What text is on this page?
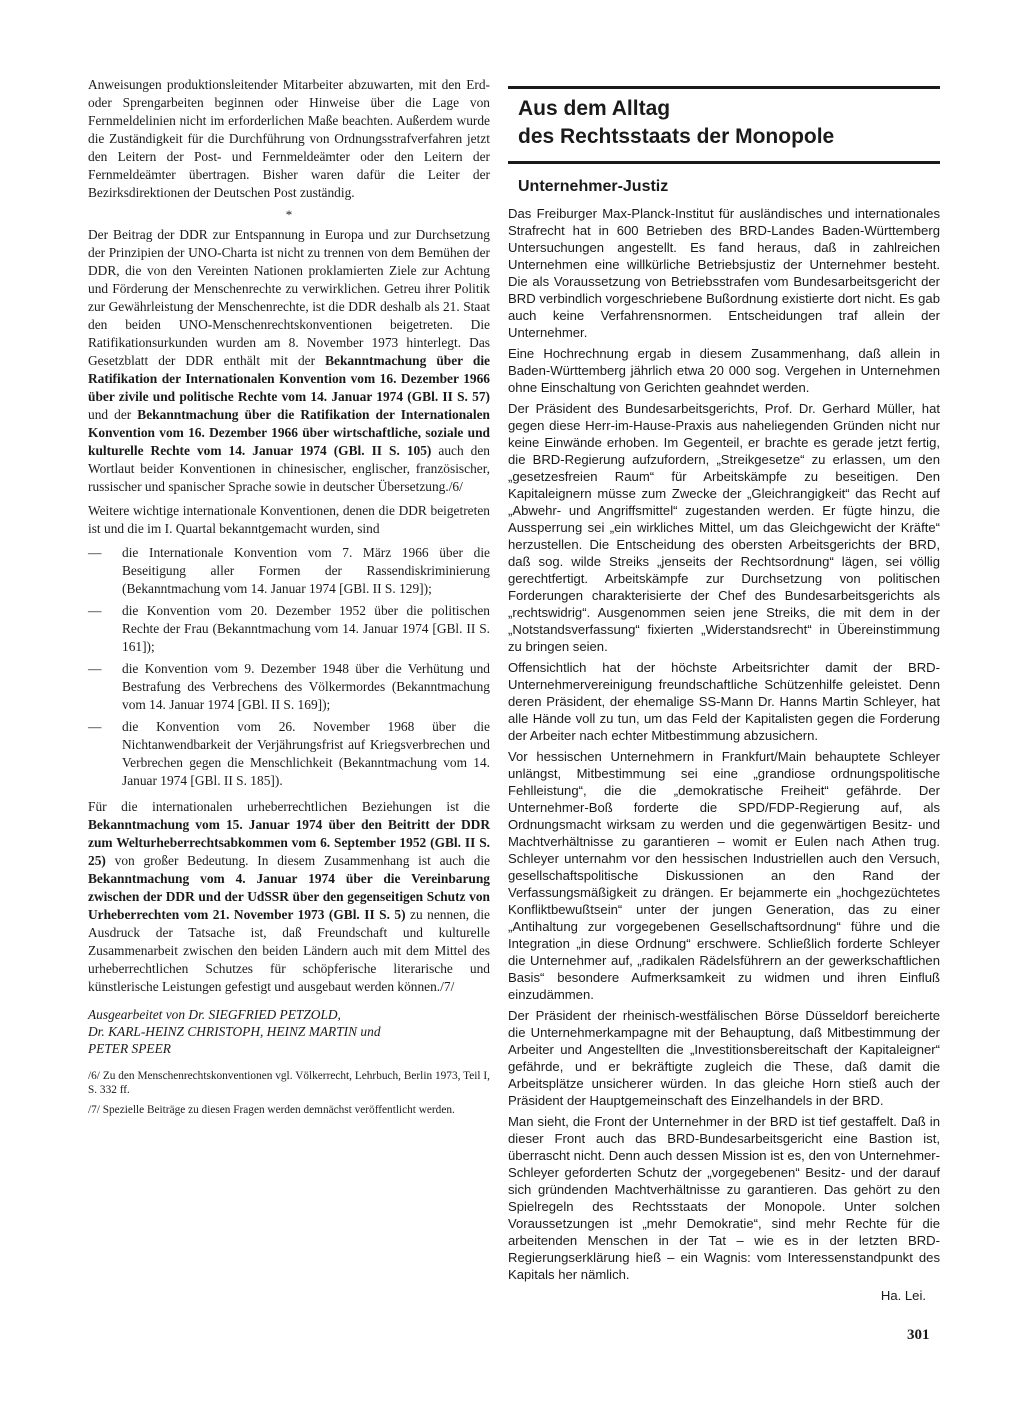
Anweisungen produktionsleitender Mitarbeiter abzuwarten, mit den Erd- oder Sprengarbeiten beginnen oder Hinweise über die Lage von Fernmeldelinien nicht im erforderlichen Maße beachten. Außerdem wurde die Zuständigkeit für die Durchführung von Ordnungsstrafverfahren jetzt den Leitern der Post- und Fernmeldeämter oder den Leitern der Fernmeldeämter übertragen. Bisher waren dafür die Leiter der Bezirksdirektionen der Deutschen Post zuständig.

*

Der Beitrag der DDR zur Entspannung in Europa und zur Durchsetzung der Prinzipien der UNO-Charta ist nicht zu trennen von dem Bemühen der DDR, die von den Vereinten Nationen proklamierten Ziele zur Achtung und Förderung der Menschenrechte zu verwirklichen. Getreu ihrer Politik zur Gewährleistung der Menschenrechte, ist die DDR deshalb als 21. Staat den beiden UNO-Menschenrechtskonventionen beigetreten. Die Ratifikationsurkunden wurden am 8. November 1973 hinterlegt. Das Gesetzblatt der DDR enthält mit der Bekanntmachung über die Ratifikation der Internationalen Konvention vom 16. Dezember 1966 über zivile und politische Rechte vom 14. Januar 1974 (GBl. II S. 57) und der Bekanntmachung über die Ratifikation der Internationalen Konvention vom 16. Dezember 1966 über wirtschaftliche, soziale und kulturelle Rechte vom 14. Januar 1974 (GBl. II S. 105) auch den Wortlaut beider Konventionen in chinesischer, englischer, französischer, russischer und spanischer Sprache sowie in deutscher Übersetzung./6/

Weitere wichtige internationale Konventionen, denen die DDR beigetreten ist und die im I. Quartal bekanntgemacht wurden, sind

— die Internationale Konvention vom 7. März 1966 über die Beseitigung aller Formen der Rassendiskriminierung (Bekanntmachung vom 14. Januar 1974 [GBl. II S. 129]);
— die Konvention vom 20. Dezember 1952 über die politischen Rechte der Frau (Bekanntmachung vom 14. Januar 1974 [GBl. II S. 161]);
— die Konvention vom 9. Dezember 1948 über die Verhütung und Bestrafung des Verbrechens des Völkermordes (Bekanntmachung vom 14. Januar 1974 [GBl. II S. 169]);
— die Konvention vom 26. November 1968 über die Nichtanwendbarkeit der Verjährungsfrist auf Kriegsverbrechen und Verbrechen gegen die Menschlichkeit (Bekanntmachung vom 14. Januar 1974 [GBl. II S. 185]).

Für die internationalen urheberrechtlichen Beziehungen ist die Bekanntmachung vom 15. Januar 1974 über den Beitritt der DDR zum Welturheberrechtsabkommen vom 6. September 1952 (GBl. II S. 25) von großer Bedeutung. In diesem Zusammenhang ist auch die Bekanntmachung vom 4. Januar 1974 über die Vereinbarung zwischen der DDR und der UdSSR über den gegenseitigen Schutz von Urheberrechten vom 21. November 1973 (GBl. II S. 5) zu nennen, die Ausdruck der Tatsache ist, daß Freundschaft und kulturelle Zusammenarbeit zwischen den beiden Ländern auch mit dem Mittel des urheberrechtlichen Schutzes für schöpferische literarische und künstlerische Leistungen gefestigt und ausgebaut werden können./7/

Ausgearbeitet von Dr. SIEGFRIED PETZOLD,
Dr. KARL-HEINZ CHRISTOPH, HEINZ MARTIN und
PETER SPEER

/6/ Zu den Menschenrechtskonventionen vgl. Völkerrecht, Lehrbuch, Berlin 1973, Teil I, S. 332 ff.

/7/ Spezielle Beiträge zu diesen Fragen werden demnächst veröffentlicht werden.

Aus dem Alltag
des Rechtsstaats der Monopole
Unternehmer-Justiz

Das Freiburger Max-Planck-Institut für ausländisches und internationales Strafrecht hat in 600 Betrieben des BRD-Landes Baden-Württemberg Untersuchungen angestellt. Es fand heraus, daß in zahlreichen Unternehmen eine willkürliche Betriebsjustiz der Unternehmer besteht. Die als Voraussetzung von Betriebsstrafen vom Bundesarbeitsgericht der BRD verbindlich vorgeschriebene Bußordnung existierte dort nicht. Es gab auch keine Verfahrensnormen. Entscheidungen traf allein der Unternehmer.

Eine Hochrechnung ergab in diesem Zusammenhang, daß allein in Baden-Württemberg jährlich etwa 20 000 sog. Vergehen in Unternehmen ohne Einschaltung von Gerichten geahndet werden.

Der Präsident des Bundesarbeitsgerichts, Prof. Dr. Gerhard Müller, hat gegen diese Herr-im-Hause-Praxis aus naheliegenden Gründen nicht nur keine Einwände erhoben. Im Gegenteil, er brachte es gerade jetzt fertig, die BRD-Regierung aufzufordern, „Streikgesetze“ zu erlassen, um den „gesetzesfreien Raum“ für Arbeitskämpfe zu beseitigen. Den Kapitaleignern müsse zum Zwecke der „Gleichrangigkeit“ das Recht auf „Abwehr- und Angriffsmittel“ zugestanden werden. Er fügte hinzu, die Aussperrung sei „ein wirkliches Mittel, um das Gleichgewicht der Kräfte“ herzustellen. Die Entscheidung des obersten Arbeitsgerichts der BRD, daß sog. wilde Streiks „jenseits der Rechtsordnung“ lägen, sei völlig gerechtfertigt. Arbeitskämpfe zur Durchsetzung von politischen Forderungen charakterisierte der Chef des Bundesarbeitsgerichts als „rechtswidrig“. Ausgenommen seien jene Streiks, die mit dem in der „Notstandsverfassung“ fixierten „Widerstandsrecht“ in Übereinstimmung zu bringen seien.

Offensichtlich hat der höchste Arbeitsrichter damit der BRD-Unternehmervereinigung freundschaftliche Schützenhilfe geleistet. Denn deren Präsident, der ehemalige SS-Mann Dr. Hanns Martin Schleyer, hat alle Hände voll zu tun, um das Feld der Kapitalisten gegen die Forderung der Arbeiter nach echter Mitbestimmung abzusichern.

Vor hessischen Unternehmern in Frankfurt/Main behauptete Schleyer unlängst, Mitbestimmung sei eine „grandiose ordnungspolitische Fehlleistung“, die die „demokratische Freiheit“ gefährde. Der Unternehmer-Boß forderte die SPD/FDP-Regierung auf, als Ordnungsmacht wirksam zu werden und die gegenwärtigen Besitz- und Machtverhältnisse zu garantieren – womit er Eulen nach Athen trug. Schleyer unternahm vor den hessischen Industriellen auch den Versuch, gesellschaftspolitische Diskussionen an den Rand der Verfassungsmäßigkeit zu drängen. Er bejammerte ein „hochgezüchtetes Konfliktbewußtsein“ unter der jungen Generation, das zu einer „Antihaltung zur vorgegebenen Gesellschaftsordnung“ führe und die Integration „in diese Ordnung“ erschwere. Schließlich forderte Schleyer die Unternehmer auf, „radikalen Rädelsführern an der gewerkschaftlichen Basis“ besondere Aufmerksamkeit zu widmen und ihren Einfluß einzudämmen.

Der Präsident der rheinisch-westfälischen Börse Düsseldorf bereicherte die Unternehmerkampagne mit der Behauptung, daß Mitbestimmung der Arbeiter und Angestellten die „Investitionsbereitschaft der Kapitaleigner“ gefährde, und er bekräftigte zugleich die These, daß damit die Arbeitsplätze unsicherer würden. In das gleiche Horn stieß auch der Präsident der Hauptgemeinschaft des Einzelhandels in der BRD.

Man sieht, die Front der Unternehmer in der BRD ist tief gestaffelt. Daß in dieser Front auch das BRD-Bundesarbeitsgericht eine Bastion ist, überrascht nicht. Denn auch dessen Mission ist es, den von Unternehmer-Schleyer geforderten Schutz der „vorgegebenen“ Besitz- und der darauf sich gründenden Machtverhältnisse zu garantieren. Das gehört zu den Spielregeln des Rechtsstaats der Monopole. Unter solchen Voraussetzungen ist „mehr Demokratie“, sind mehr Rechte für die arbeitenden Menschen in der Tat – wie es in der letzten BRD-Regierungserklärung hieß – ein Wagnis: vom Interessenstandpunkt des Kapitals her nämlich.

Ha. Lei.
301
